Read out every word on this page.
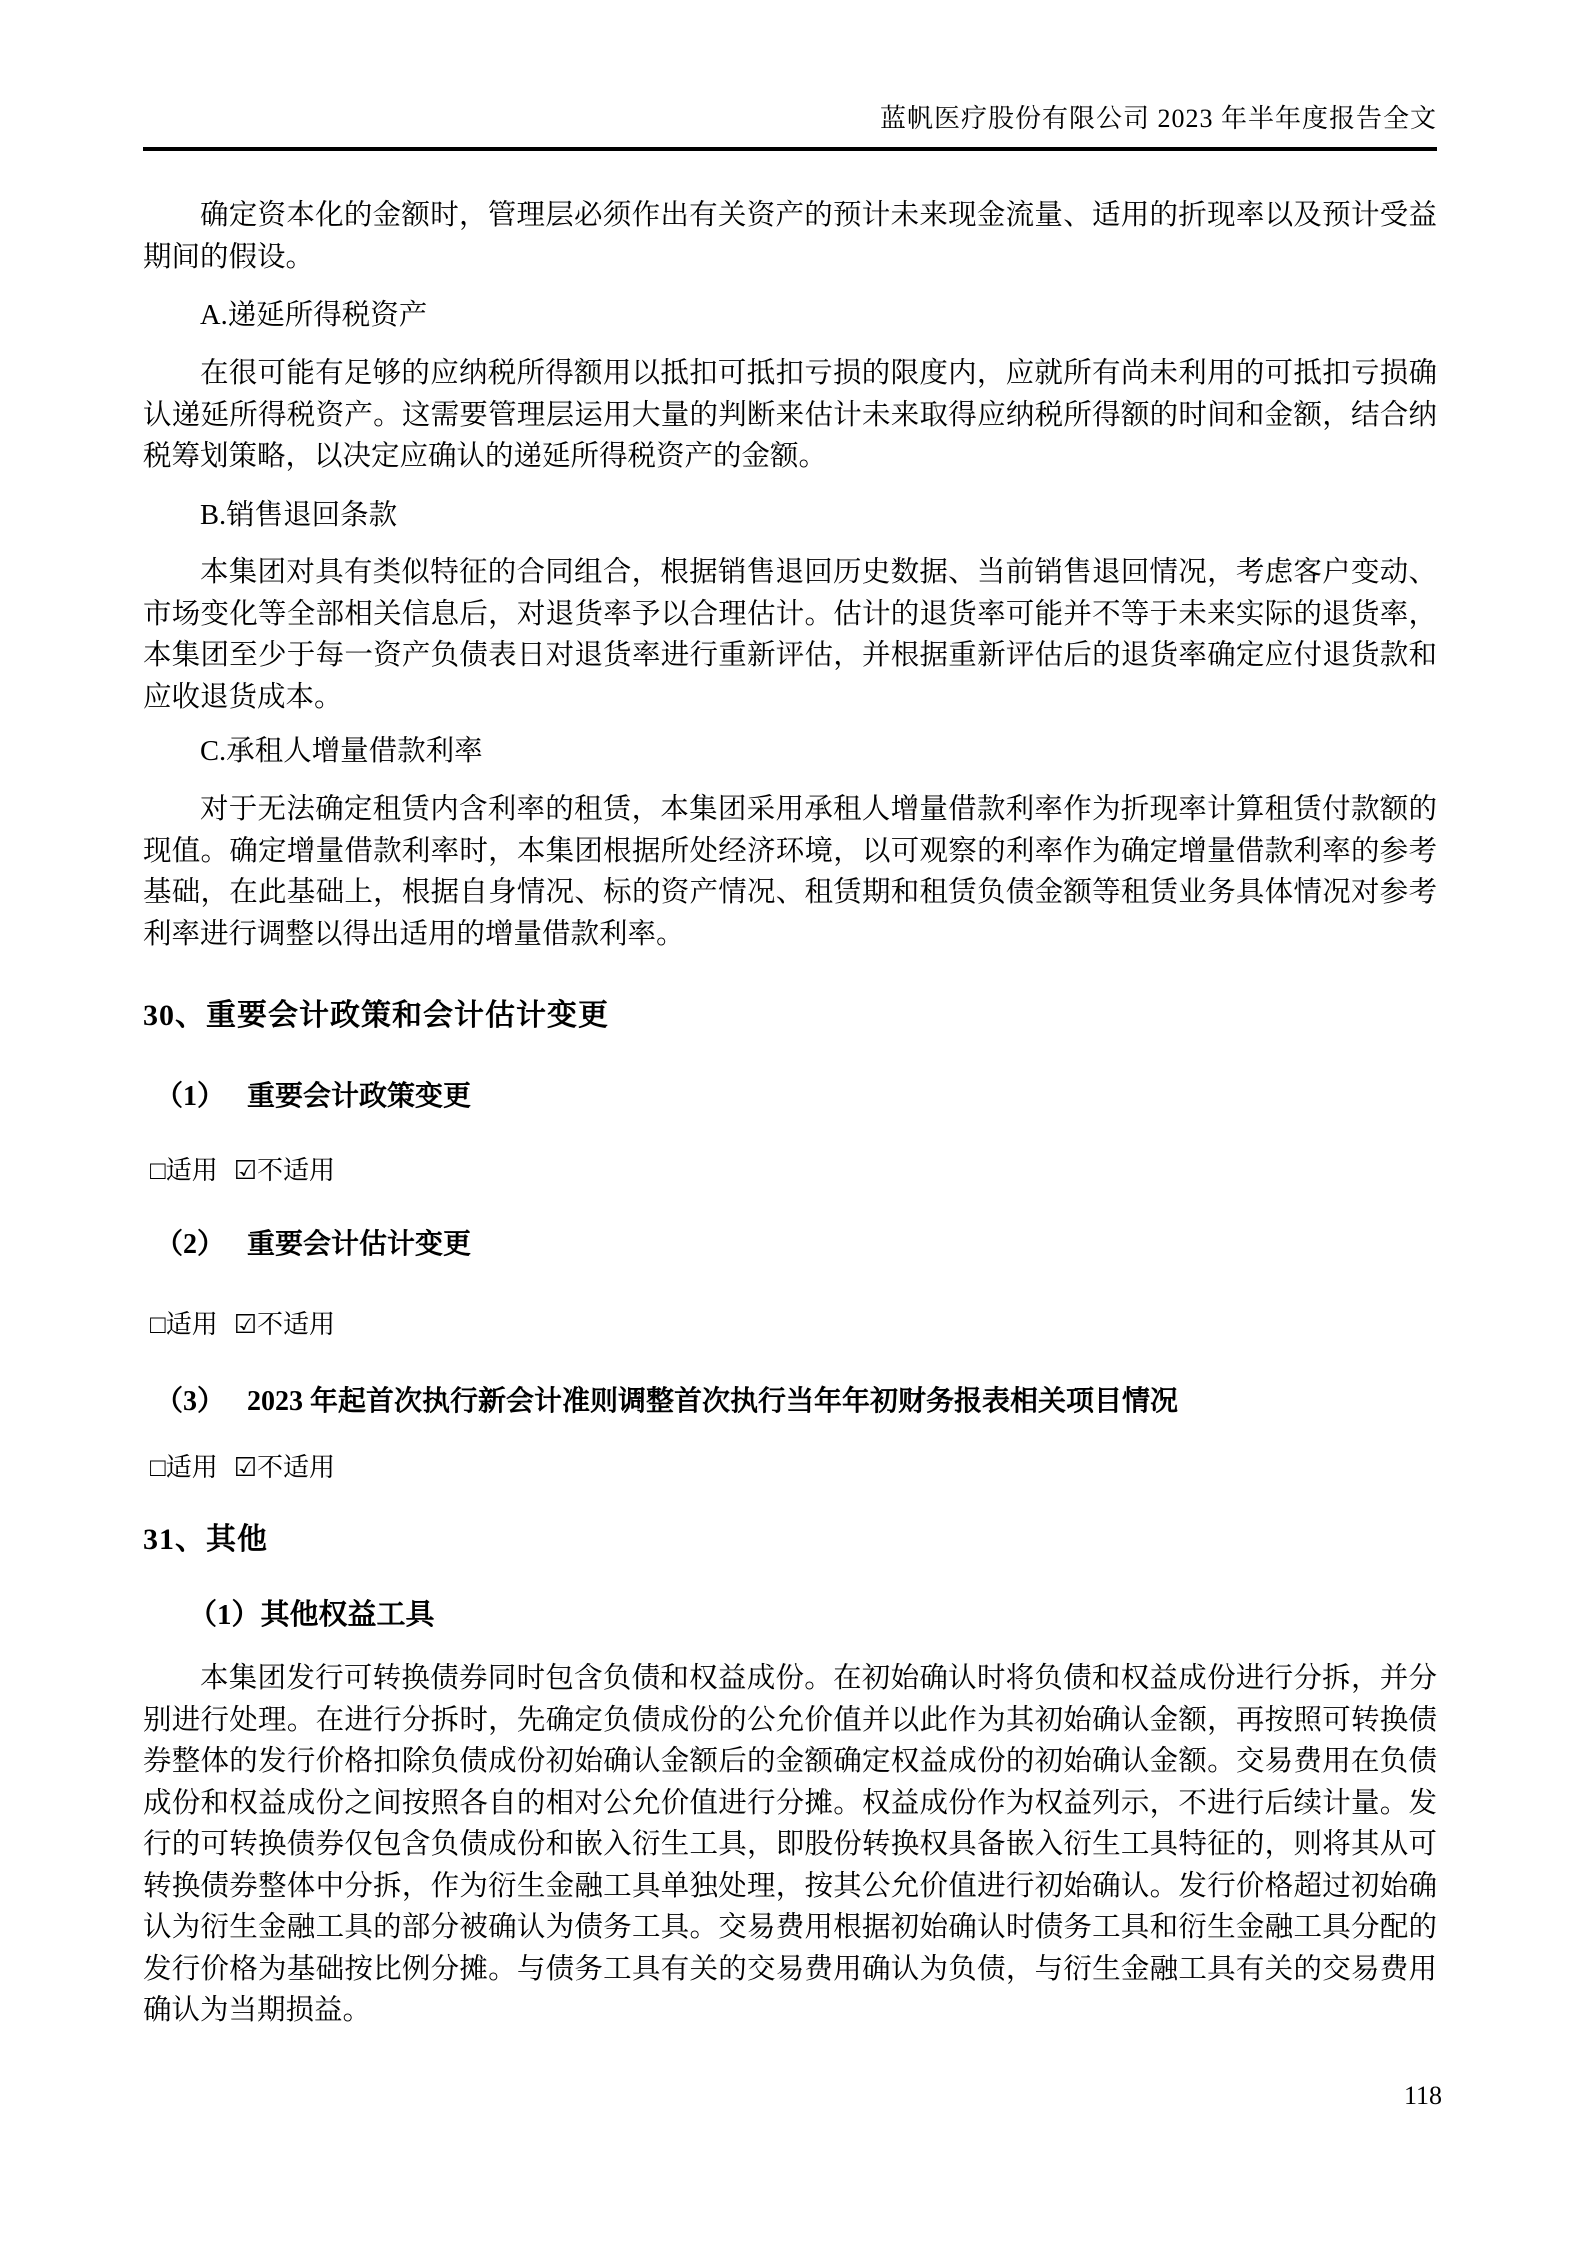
蓝帆医疗股份有限公司 2023 年半年度报告全文
确定资本化的金额时，管理层必须作出有关资产的预计未来现金流量、适用的折现率以及预计受益期间的假设。
A.递延所得税资产
在很可能有足够的应纳税所得额用以抵扣可抵扣亏损的限度内，应就所有尚未利用的可抵扣亏损确认递延所得税资产。这需要管理层运用大量的判断来估计未来取得应纳税所得额的时间和金额，结合纳税筹划策略，以决定应确认的递延所得税资产的金额。
B.销售退回条款
本集团对具有类似特征的合同组合，根据销售退回历史数据、当前销售退回情况，考虑客户变动、市场变化等全部相关信息后，对退货率予以合理估计。估计的退货率可能并不等于未来实际的退货率，本集团至少于每一资产负债表日对退货率进行重新评估，并根据重新评估后的退货率确定应付退货款和应收退货成本。
C.承租人增量借款利率
对于无法确定租赁内含利率的租赁，本集团采用承租人增量借款利率作为折现率计算租赁付款额的现值。确定增量借款利率时，本集团根据所处经济环境，以可观察的利率作为确定增量借款利率的参考基础，在此基础上，根据自身情况、标的资产情况、租赁期和租赁负债金额等租赁业务具体情况对参考利率进行调整以得出适用的增量借款利率。
30、重要会计政策和会计估计变更
（1） 重要会计政策变更
□适用 ☑不适用
（2） 重要会计估计变更
□适用 ☑不适用
（3） 2023 年起首次执行新会计准则调整首次执行当年年初财务报表相关项目情况
□适用 ☑不适用
31、其他
（1）其他权益工具
本集团发行可转换债券同时包含负债和权益成份。在初始确认时将负债和权益成份进行分拆，并分别进行处理。在进行分拆时，先确定负债成份的公允价值并以此作为其初始确认金额，再按照可转换债券整体的发行价格扣除负债成份初始确认金额后的金额确定权益成份的初始确认金额。交易费用在负债成份和权益成份之间按照各自的相对公允价值进行分摊。权益成份作为权益列示，不进行后续计量。发行的可转换债券仅包含负债成份和嵌入衍生工具，即股份转换权具备嵌入衍生工具特征的，则将其从可转换债券整体中分拆，作为衍生金融工具单独处理，按其公允价值进行初始确认。发行价格超过初始确认为衍生金融工具的部分被确认为债务工具。交易费用根据初始确认时债务工具和衍生金融工具分配的发行价格为基础按比例分摊。与债务工具有关的交易费用确认为负债，与衍生金融工具有关的交易费用确认为当期损益。
118
